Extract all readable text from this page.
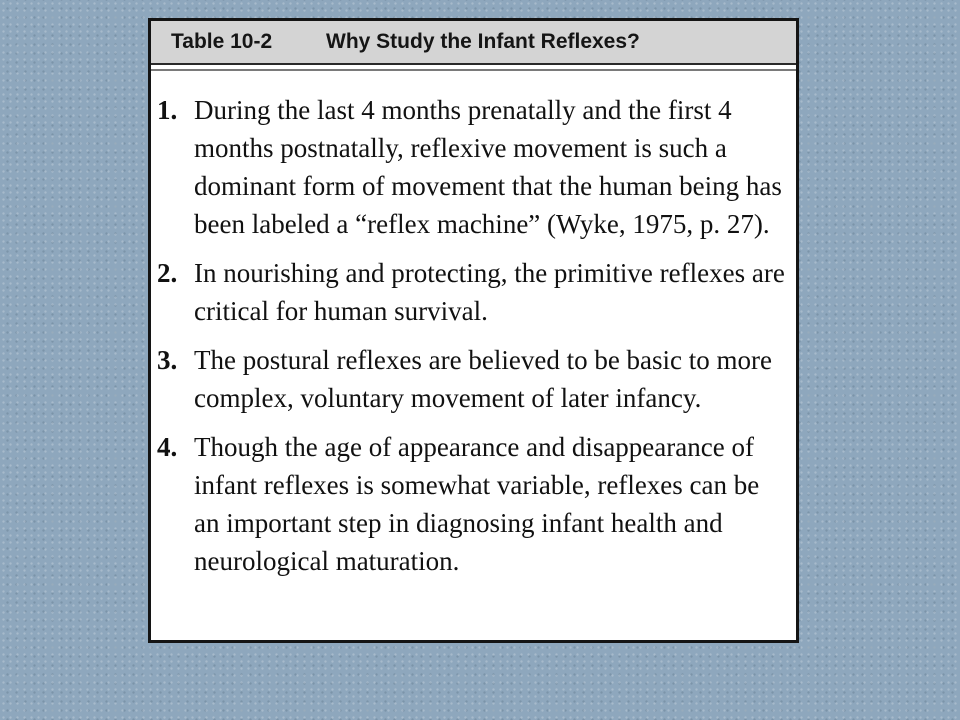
Table 10-2	Why Study the Infant Reflexes?
1. During the last 4 months prenatally and the first 4 months postnatally, reflexive movement is such a dominant form of movement that the human being has been labeled a “reflex machine” (Wyke, 1975, p. 27).
2. In nourishing and protecting, the primitive reflexes are critical for human survival.
3. The postural reflexes are believed to be basic to more complex, voluntary movement of later infancy.
4. Though the age of appearance and disappearance of infant reflexes is somewhat variable, reflexes can be an important step in diagnosing infant health and neurological maturation.
